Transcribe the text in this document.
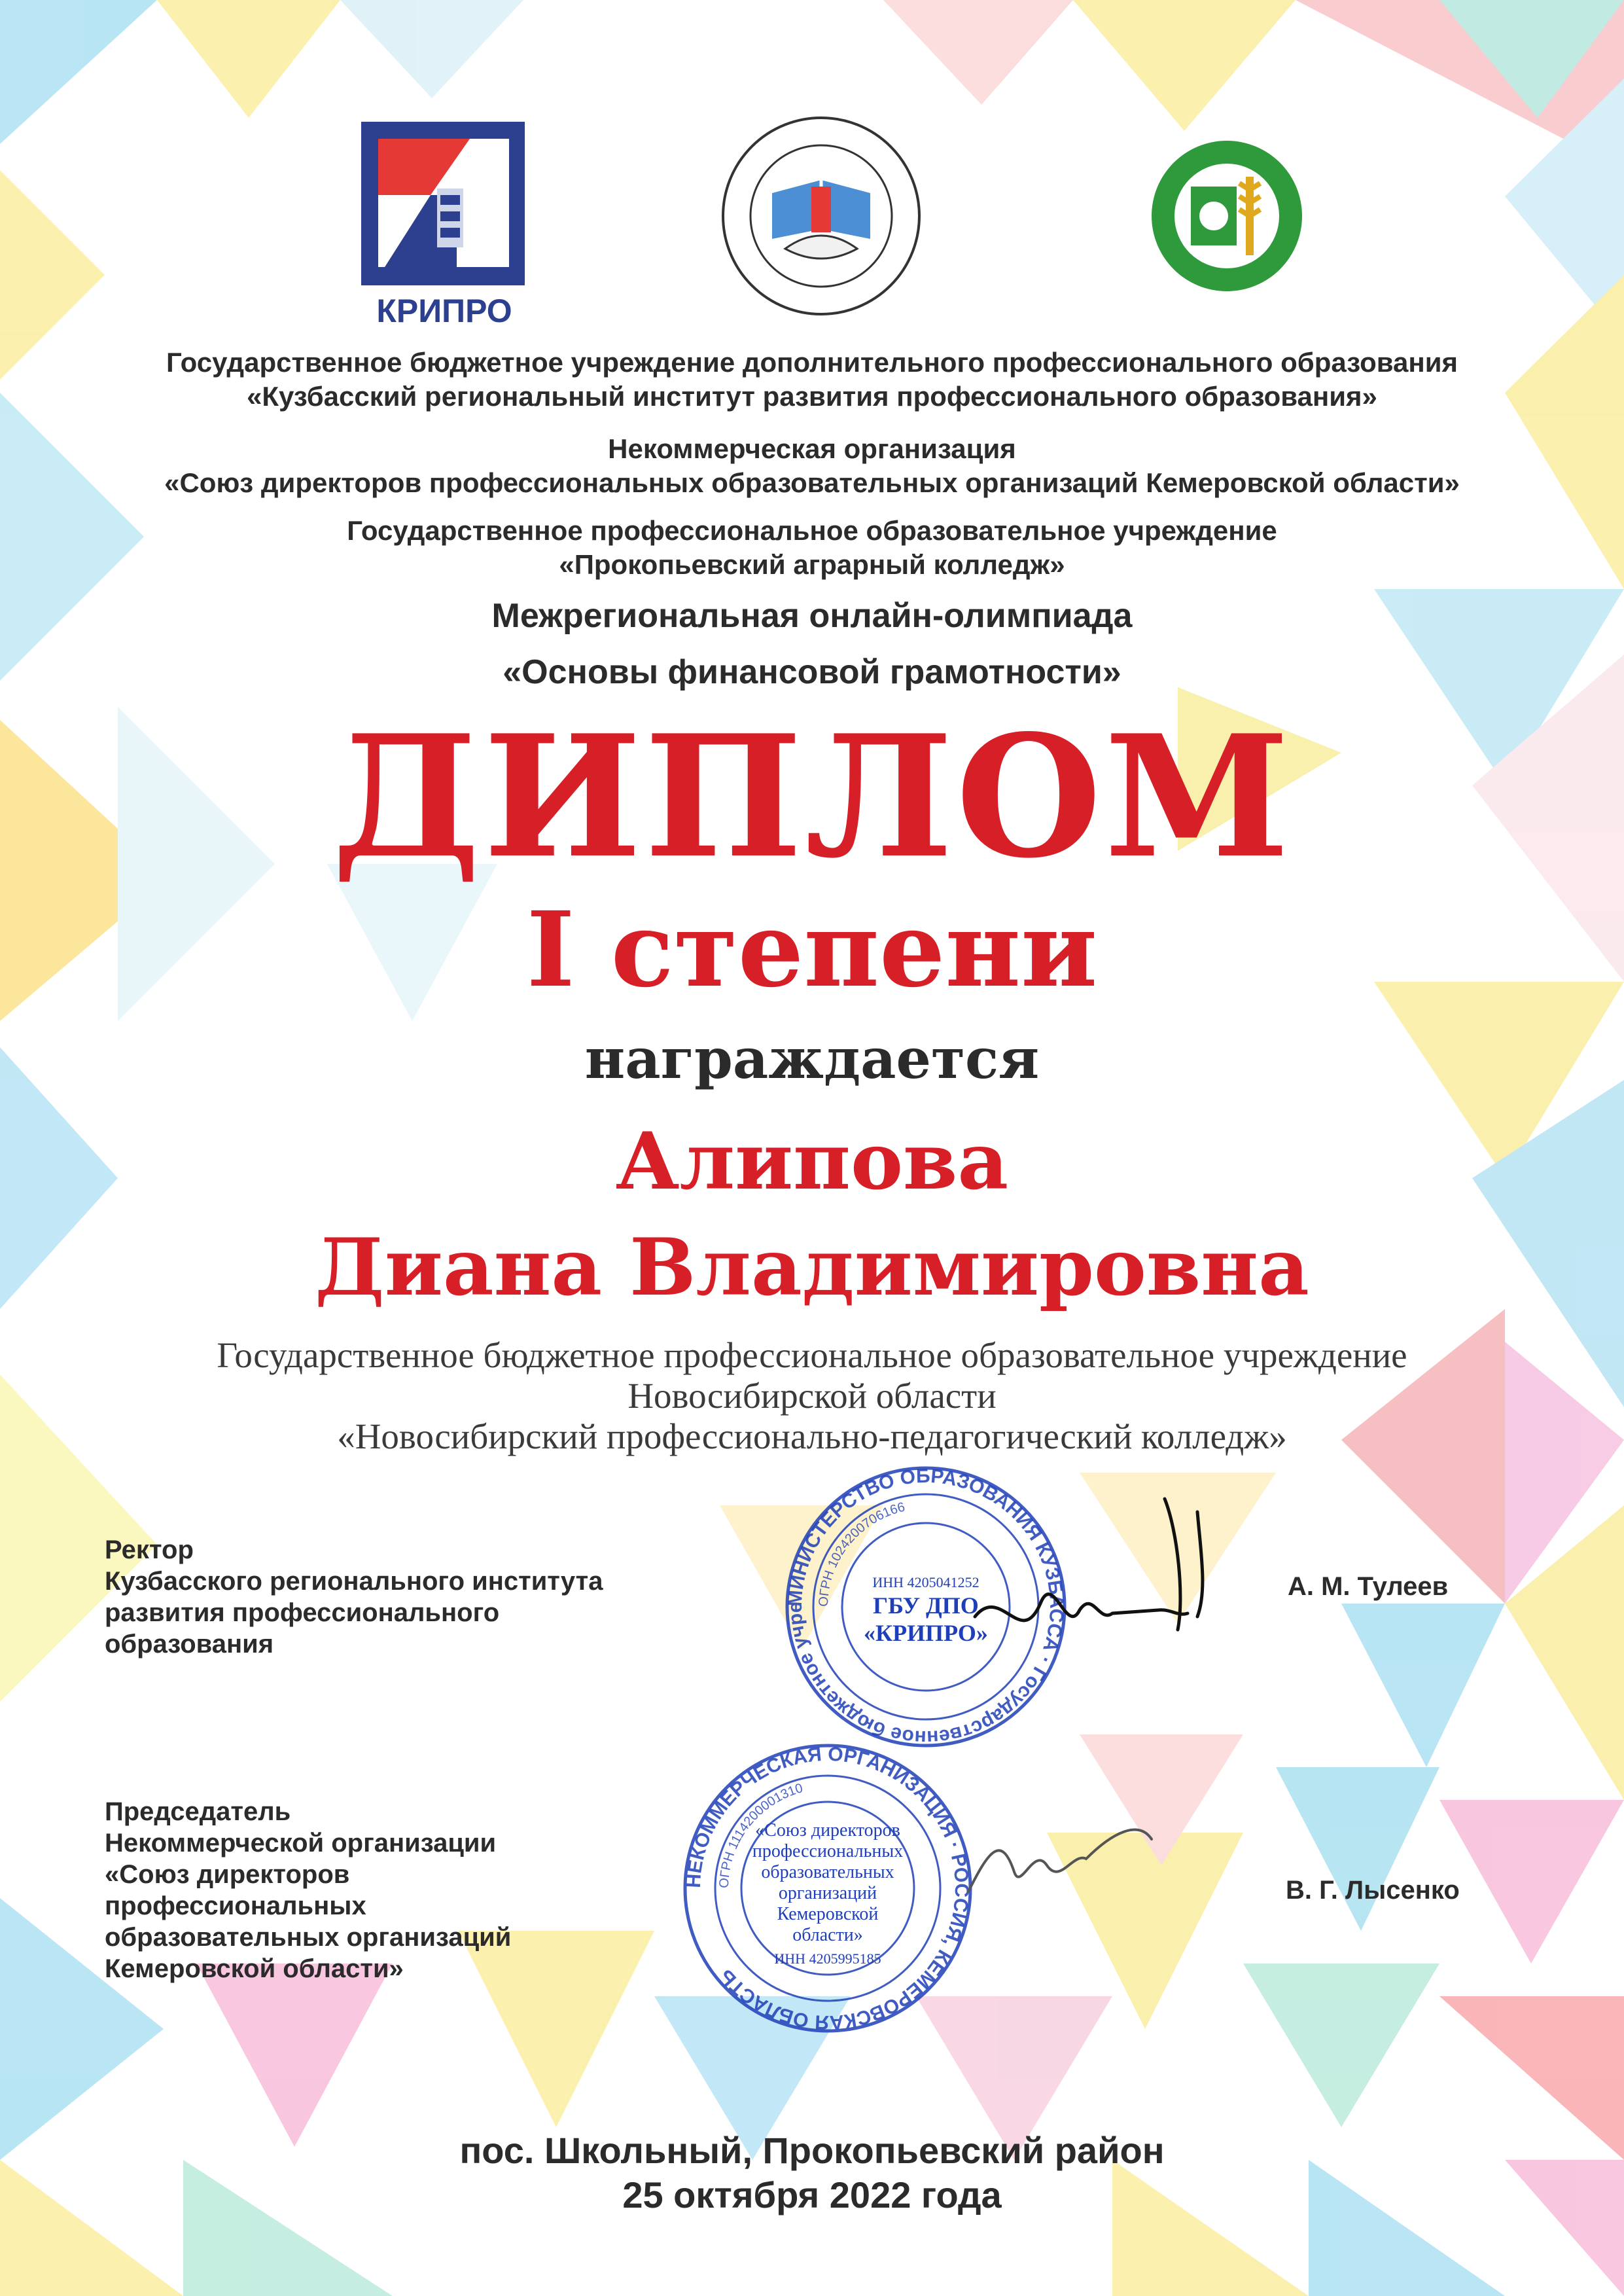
КРИПРО
Государственное бюджетное учреждение дополнительного профессионального образования
«Кузбасский региональный институт развития профессионального образования»
Некоммерческая организация
«Союз директоров профессиональных образовательных организаций Кемеровской области»
Государственное профессиональное образовательное учреждение
«Прокопьевский аграрный колледж»
Межрегиональная онлайн-олимпиада
«Основы финансовой грамотности»
ДИПЛОМ
I степени
награждается
Алипова
Диана Владимировна
Государственное бюджетное профессиональное образовательное учреждение
Новосибирской области
«Новосибирский профессионально-педагогический колледж»
Ректор
Кузбасского регионального института
развития профессионального
образования
А. М. Тулеев
МИНИСТЕРСТВО ОБРАЗОВАНИЯ КУЗБАССА · Государственное бюджетное учре
ОГРН 1024200706166
ИНН 4205041252
ГБУ ДПО
«КРИПРО»
Председатель
Некоммерческой организации
«Союз директоров
профессиональных
образовательных организаций
Кемеровской области»
В. Г. Лысенко
НЕКОММЕРЧЕСКАЯ ОРГАНИЗАЦИЯ · РОССИЯ, КЕМЕРОВСКАЯ ОБЛАСТЬ
ОГРН 1114200001310
«Союз директоров
профессиональных
образовательных
организаций
Кемеровской
области»
ИНН 4205995185
пос. Школьный, Прокопьевский район
25 октября 2022 года
